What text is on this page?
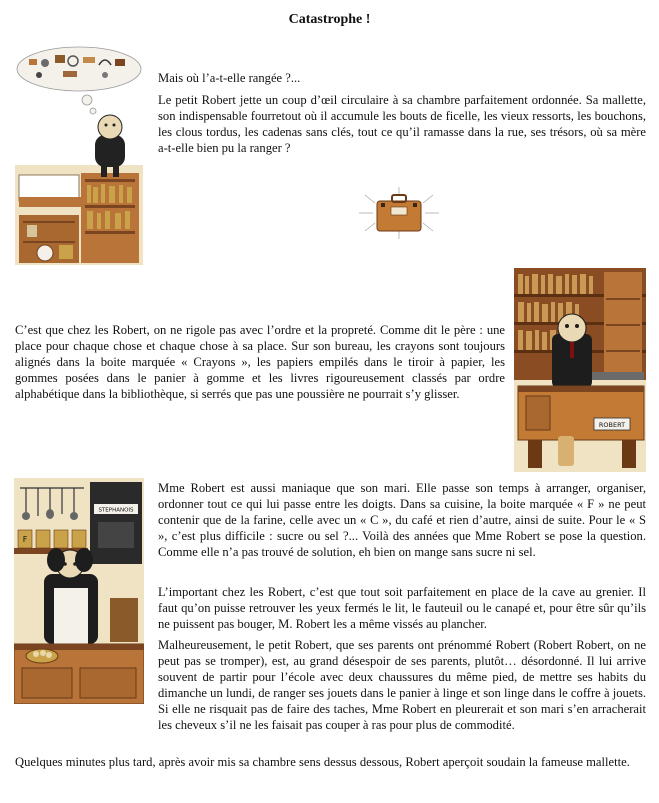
Catastrophe !

Mais où l’a-t-elle rangée ?...

Le petit Robert jette un coup d’œil circulaire à sa chambre parfaitement ordonnée. Sa mallette, son indispensable fourretout où il accumule les bouts de ficelle, les vieux ressorts, les bouchons, les clous tordus, les cadenas sans clés, tout ce qu’il ramasse dans la rue, ses trésors, où sa mère a-t-elle bien pu la ranger ?

ROBERT

C’est que chez les Robert, on ne rigole pas avec l’ordre et la propreté. Comme dit le père : une place pour chaque chose et chaque chose à sa place. Sur son bureau, les crayons sont toujours alignés dans la boite marquée « Crayons », les papiers empilés dans le tiroir à papier, les gommes posées dans le panier à gomme et les livres rigoureusement classés par ordre alphabétique dans la bibliothèque, si serrés que pas une poussière ne pourrait s’y glisser.

STEPHANOIS
F

Mme Robert est aussi maniaque que son mari. Elle passe son temps à arranger, organiser, ordonner tout ce qui lui passe entre les doigts. Dans sa cuisine, la boite marquée « F » ne peut contenir que de la farine, celle avec un « C », du café et rien d’autre, ainsi de suite. Pour le « S », c’est plus difficile : sucre ou sel ?... Voilà des années que Mme Robert se pose la question. Comme elle n’a pas trouvé de solution, eh bien on mange sans sucre ni sel.

L’important chez les Robert, c’est que tout soit parfaitement en place de la cave au grenier. Il faut qu’on puisse retrouver les yeux fermés le lit, le fauteuil ou le canapé et, pour être sûr qu’ils ne puissent pas bouger, M. Robert les a même vissés au plancher.

Malheureusement, le petit Robert, que ses parents ont prénommé Robert (Robert Robert, on ne peut pas se tromper), est, au grand désespoir de ses parents, plutôt… désordonné. Il lui arrive souvent de partir pour l’école avec deux chaussures du même pied, de mettre ses habits du dimanche un lundi, de ranger ses jouets dans le panier à linge et son linge dans le coffre à jouets. Si elle ne risquait pas de faire des taches, Mme Robert en pleurerait et son mari s’en arracherait les cheveux s’il ne les faisait pas couper à ras pour plus de commodité.

Quelques minutes plus tard, après avoir mis sa chambre sens dessus dessous, Robert aperçoit soudain la fameuse mallette.
